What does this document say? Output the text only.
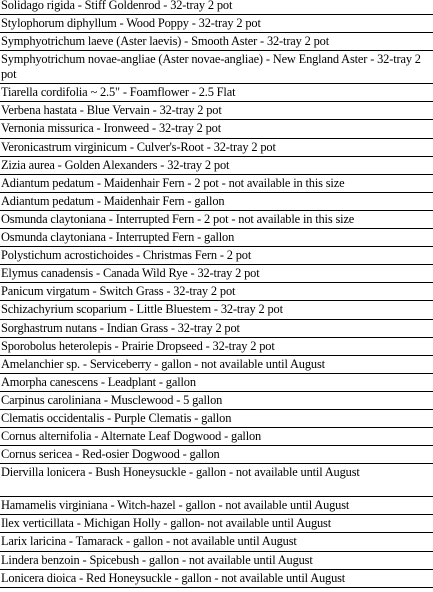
Solidago rigida - Stiff Goldenrod - 32-tray 2 pot
Stylophorum diphyllum - Wood Poppy - 32-tray 2 pot
Symphyotrichum laeve (Aster laevis) - Smooth Aster - 32-tray 2 pot
Symphyotrichum novae-angliae (Aster novae-angliae) - New England Aster - 32-tray 2 pot
Tiarella cordifolia ~ 2.5" - Foamflower - 2.5 Flat
Verbena hastata - Blue Vervain - 32-tray 2 pot
Vernonia missurica - Ironweed - 32-tray 2 pot
Veronicastrum virginicum - Culver's-Root - 32-tray 2 pot
Zizia aurea - Golden Alexanders - 32-tray 2 pot
Adiantum pedatum - Maidenhair Fern - 2 pot - not available in this size
Adiantum pedatum - Maidenhair Fern - gallon
Osmunda claytoniana - Interrupted Fern - 2 pot - not available in this size
Osmunda claytoniana - Interrupted Fern - gallon
Polystichum acrostichoides - Christmas Fern - 2 pot
Elymus canadensis - Canada Wild Rye - 32-tray 2 pot
Panicum virgatum - Switch Grass - 32-tray 2 pot
Schizachyrium scoparium - Little Bluestem - 32-tray 2 pot
Sorghastrum nutans - Indian Grass - 32-tray 2 pot
Sporobolus heterolepis - Prairie Dropseed - 32-tray 2 pot
Amelanchier sp. - Serviceberry - gallon - not available until August
Amorpha canescens - Leadplant - gallon
Carpinus caroliniana - Musclewood - 5 gallon
Clematis occidentalis - Purple Clematis - gallon
Cornus alternifolia - Alternate Leaf Dogwood - gallon
Cornus sericea - Red-osier Dogwood - gallon
Diervilla lonicera - Bush Honeysuckle - gallon - not available until August
Hamamelis virginiana - Witch-hazel - gallon - not available until August
Ilex verticillata - Michigan Holly - gallon- not available until August
Larix laricina - Tamarack - gallon - not available until August
Lindera benzoin - Spicebush - gallon - not available until August
Lonicera dioica - Red Honeysuckle - gallon - not available until August
